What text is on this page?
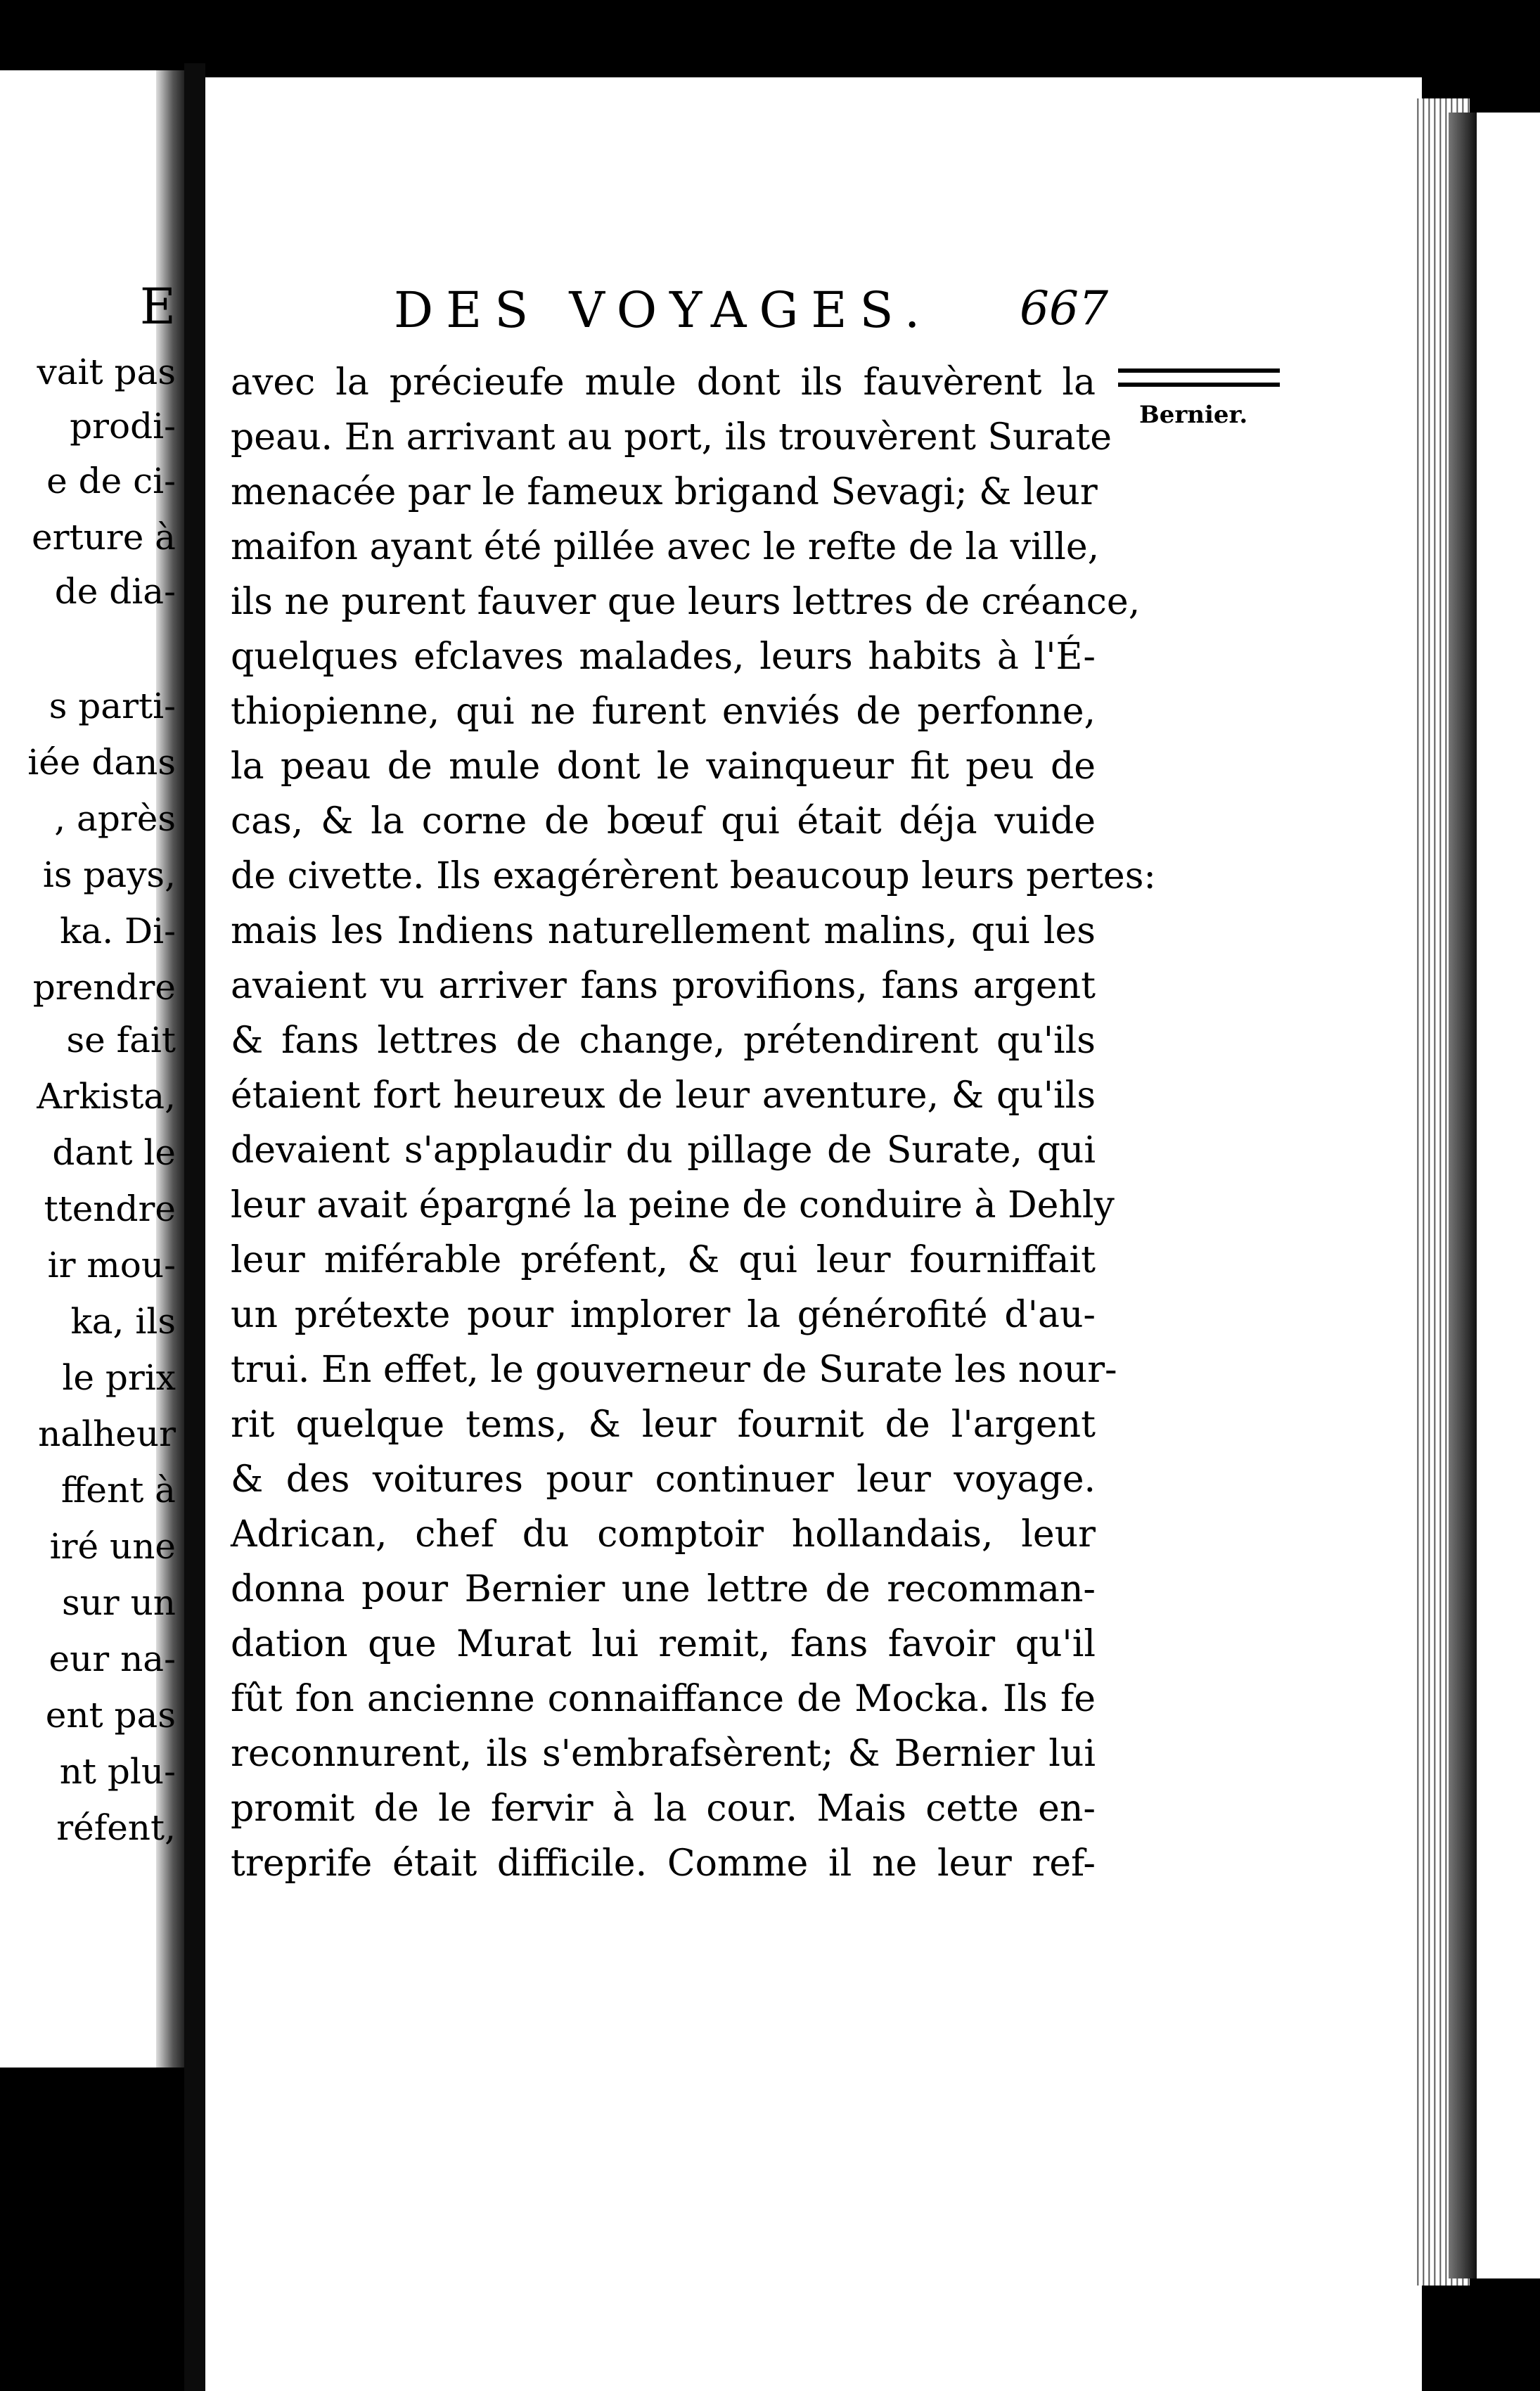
DES VOYAGES. 667
Bernier.
avec la précieufe mule dont ils fauvèrent la
peau. En arrivant au port, ils trouvèrent Surate
menacée par le fameux brigand Sevagi; & leur
maifon ayant été pillée avec le refte de la ville,
ils ne purent fauver que leurs lettres de créance,
quelques efclaves malades, leurs habits à l'É-
thiopienne, qui ne furent enviés de perfonne,
la peau de mule dont le vainqueur fit peu de
cas, & la corne de bœuf qui était déja vuide
de civette. Ils exagérèrent beaucoup leurs pertes:
mais les Indiens naturellement malins, qui les
avaient vu arriver fans provifions, fans argent
& fans lettres de change, prétendirent qu'ils
étaient fort heureux de leur aventure, & qu'ils
devaient s'applaudir du pillage de Surate, qui
leur avait épargné la peine de conduire à Dehly
leur miférable préfent, & qui leur fourniffait
un prétexte pour implorer la générofité d'au-
trui. En effet, le gouverneur de Surate les nour-
rit quelque tems, & leur fournit de l'argent
& des voitures pour continuer leur voyage.
Adrican, chef du comptoir hollandais, leur
donna pour Bernier une lettre de recomman-
dation que Murat lui remit, fans favoir qu'il
fût fon ancienne connaiffance de Mocka. Ils fe
reconnurent, ils s'embrafsèrent; & Bernier lui
promit de le fervir à la cour. Mais cette en-
treprife était difficile. Comme il ne leur ref-
E
vait pas
prodi-
e de ci-
erture à
de dia-
s parti-
iée dans
, après
is pays,
ka. Di-
prendre
se fait
Arkista,
dant le
ttendre
ir mou-
ka, ils
le prix
nalheur
ffent à
iré une
sur un
eur na-
ent pas
nt plu-
réfent,
